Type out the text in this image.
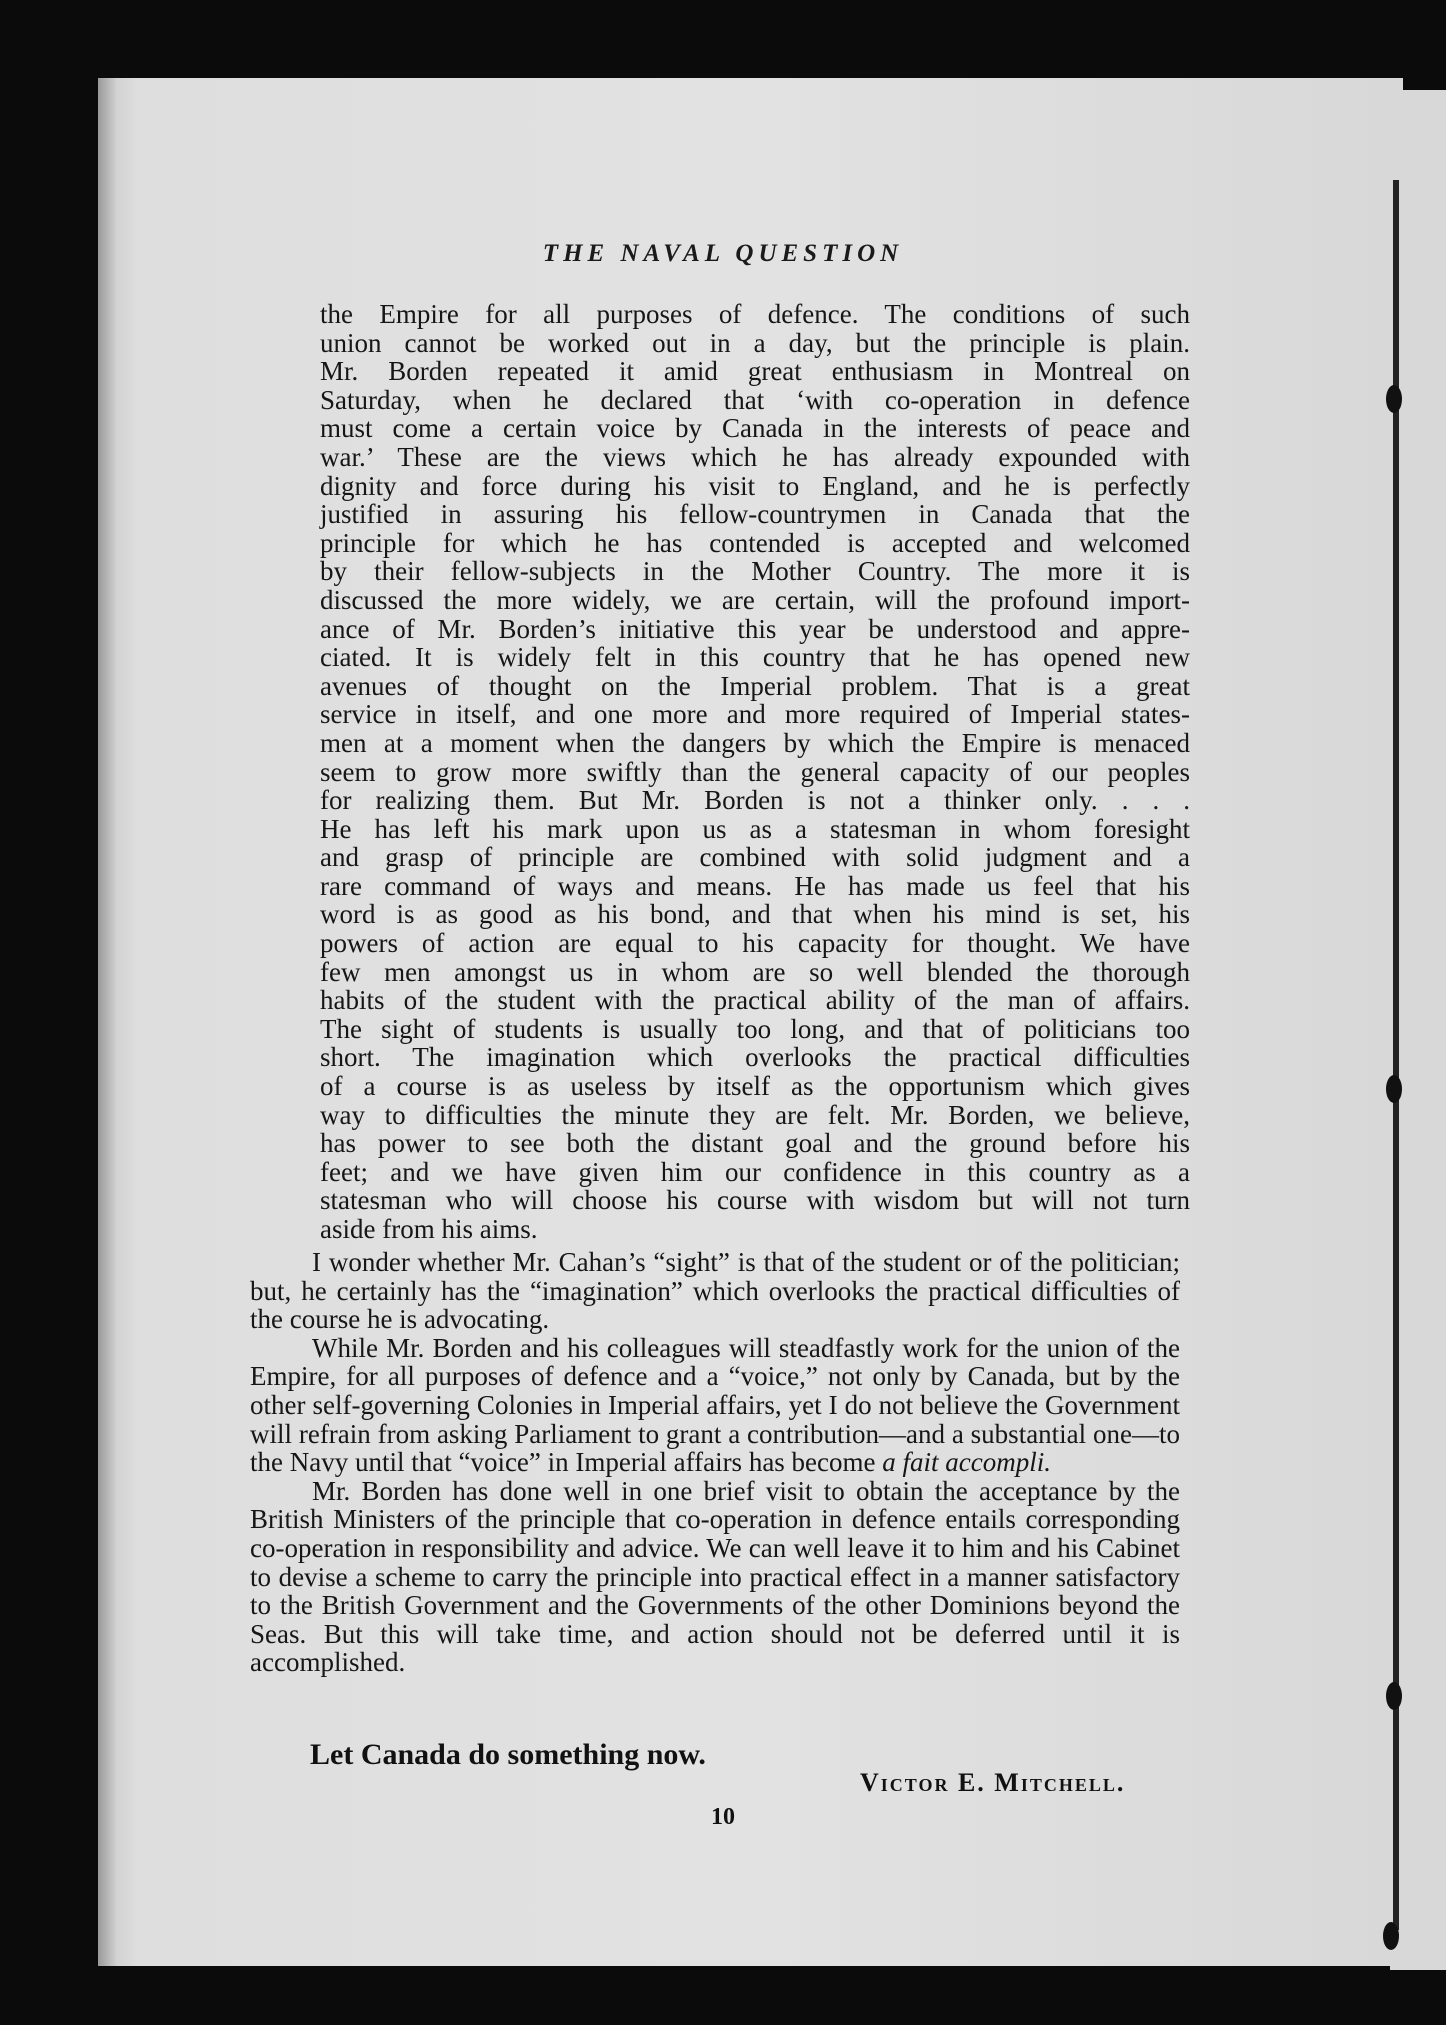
THE NAVAL QUESTION
the Empire for all purposes of defence. The conditions of such
union cannot be worked out in a day, but the principle is plain.
Mr. Borden repeated it amid great enthusiasm in Montreal on
Saturday, when he declared that ‘with co-operation in defence
must come a certain voice by Canada in the interests of peace and
war.’ These are the views which he has already expounded with
dignity and force during his visit to England, and he is perfectly
justified in assuring his fellow-countrymen in Canada that the
principle for which he has contended is accepted and welcomed
by their fellow-subjects in the Mother Country. The more it is
discussed the more widely, we are certain, will the profound import-
ance of Mr. Borden’s initiative this year be understood and appre-
ciated. It is widely felt in this country that he has opened new
avenues of thought on the Imperial problem. That is a great
service in itself, and one more and more required of Imperial states-
men at a moment when the dangers by which the Empire is menaced
seem to grow more swiftly than the general capacity of our peoples
for realizing them. But Mr. Borden is not a thinker only. . . .
He has left his mark upon us as a statesman in whom foresight
and grasp of principle are combined with solid judgment and a
rare command of ways and means. He has made us feel that his
word is as good as his bond, and that when his mind is set, his
powers of action are equal to his capacity for thought. We have
few men amongst us in whom are so well blended the thorough
habits of the student with the practical ability of the man of affairs.
The sight of students is usually too long, and that of politicians too
short. The imagination which overlooks the practical difficulties
of a course is as useless by itself as the opportunism which gives
way to difficulties the minute they are felt. Mr. Borden, we believe,
has power to see both the distant goal and the ground before his
feet; and we have given him our confidence in this country as a
statesman who will choose his course with wisdom but will not turn
aside from his aims.

I wonder whether Mr. Cahan’s “sight” is that of the student or of the politician; but, he certainly has the “imagination” which overlooks the practical difficulties of the course he is advocating.

While Mr. Borden and his colleagues will steadfastly work for the union of the Empire, for all purposes of defence and a “voice,” not only by Canada, but by the other self-governing Colonies in Imperial affairs, yet I do not believe the Government will refrain from asking Parliament to grant a contribution—and a substantial one—to the Navy until that “voice” in Imperial affairs has become a fait accompli.

Mr. Borden has done well in one brief visit to obtain the acceptance by the British Ministers of the principle that co-operation in defence entails corresponding co-operation in responsibility and advice. We can well leave it to him and his Cabinet to devise a scheme to carry the principle into practical effect in a manner satisfactory to the British Government and the Governments of the other Dominions beyond the Seas. But this will take time, and action should not be deferred until it is accomplished.

Let Canada do something now.
Victor E. Mitchell.
10
